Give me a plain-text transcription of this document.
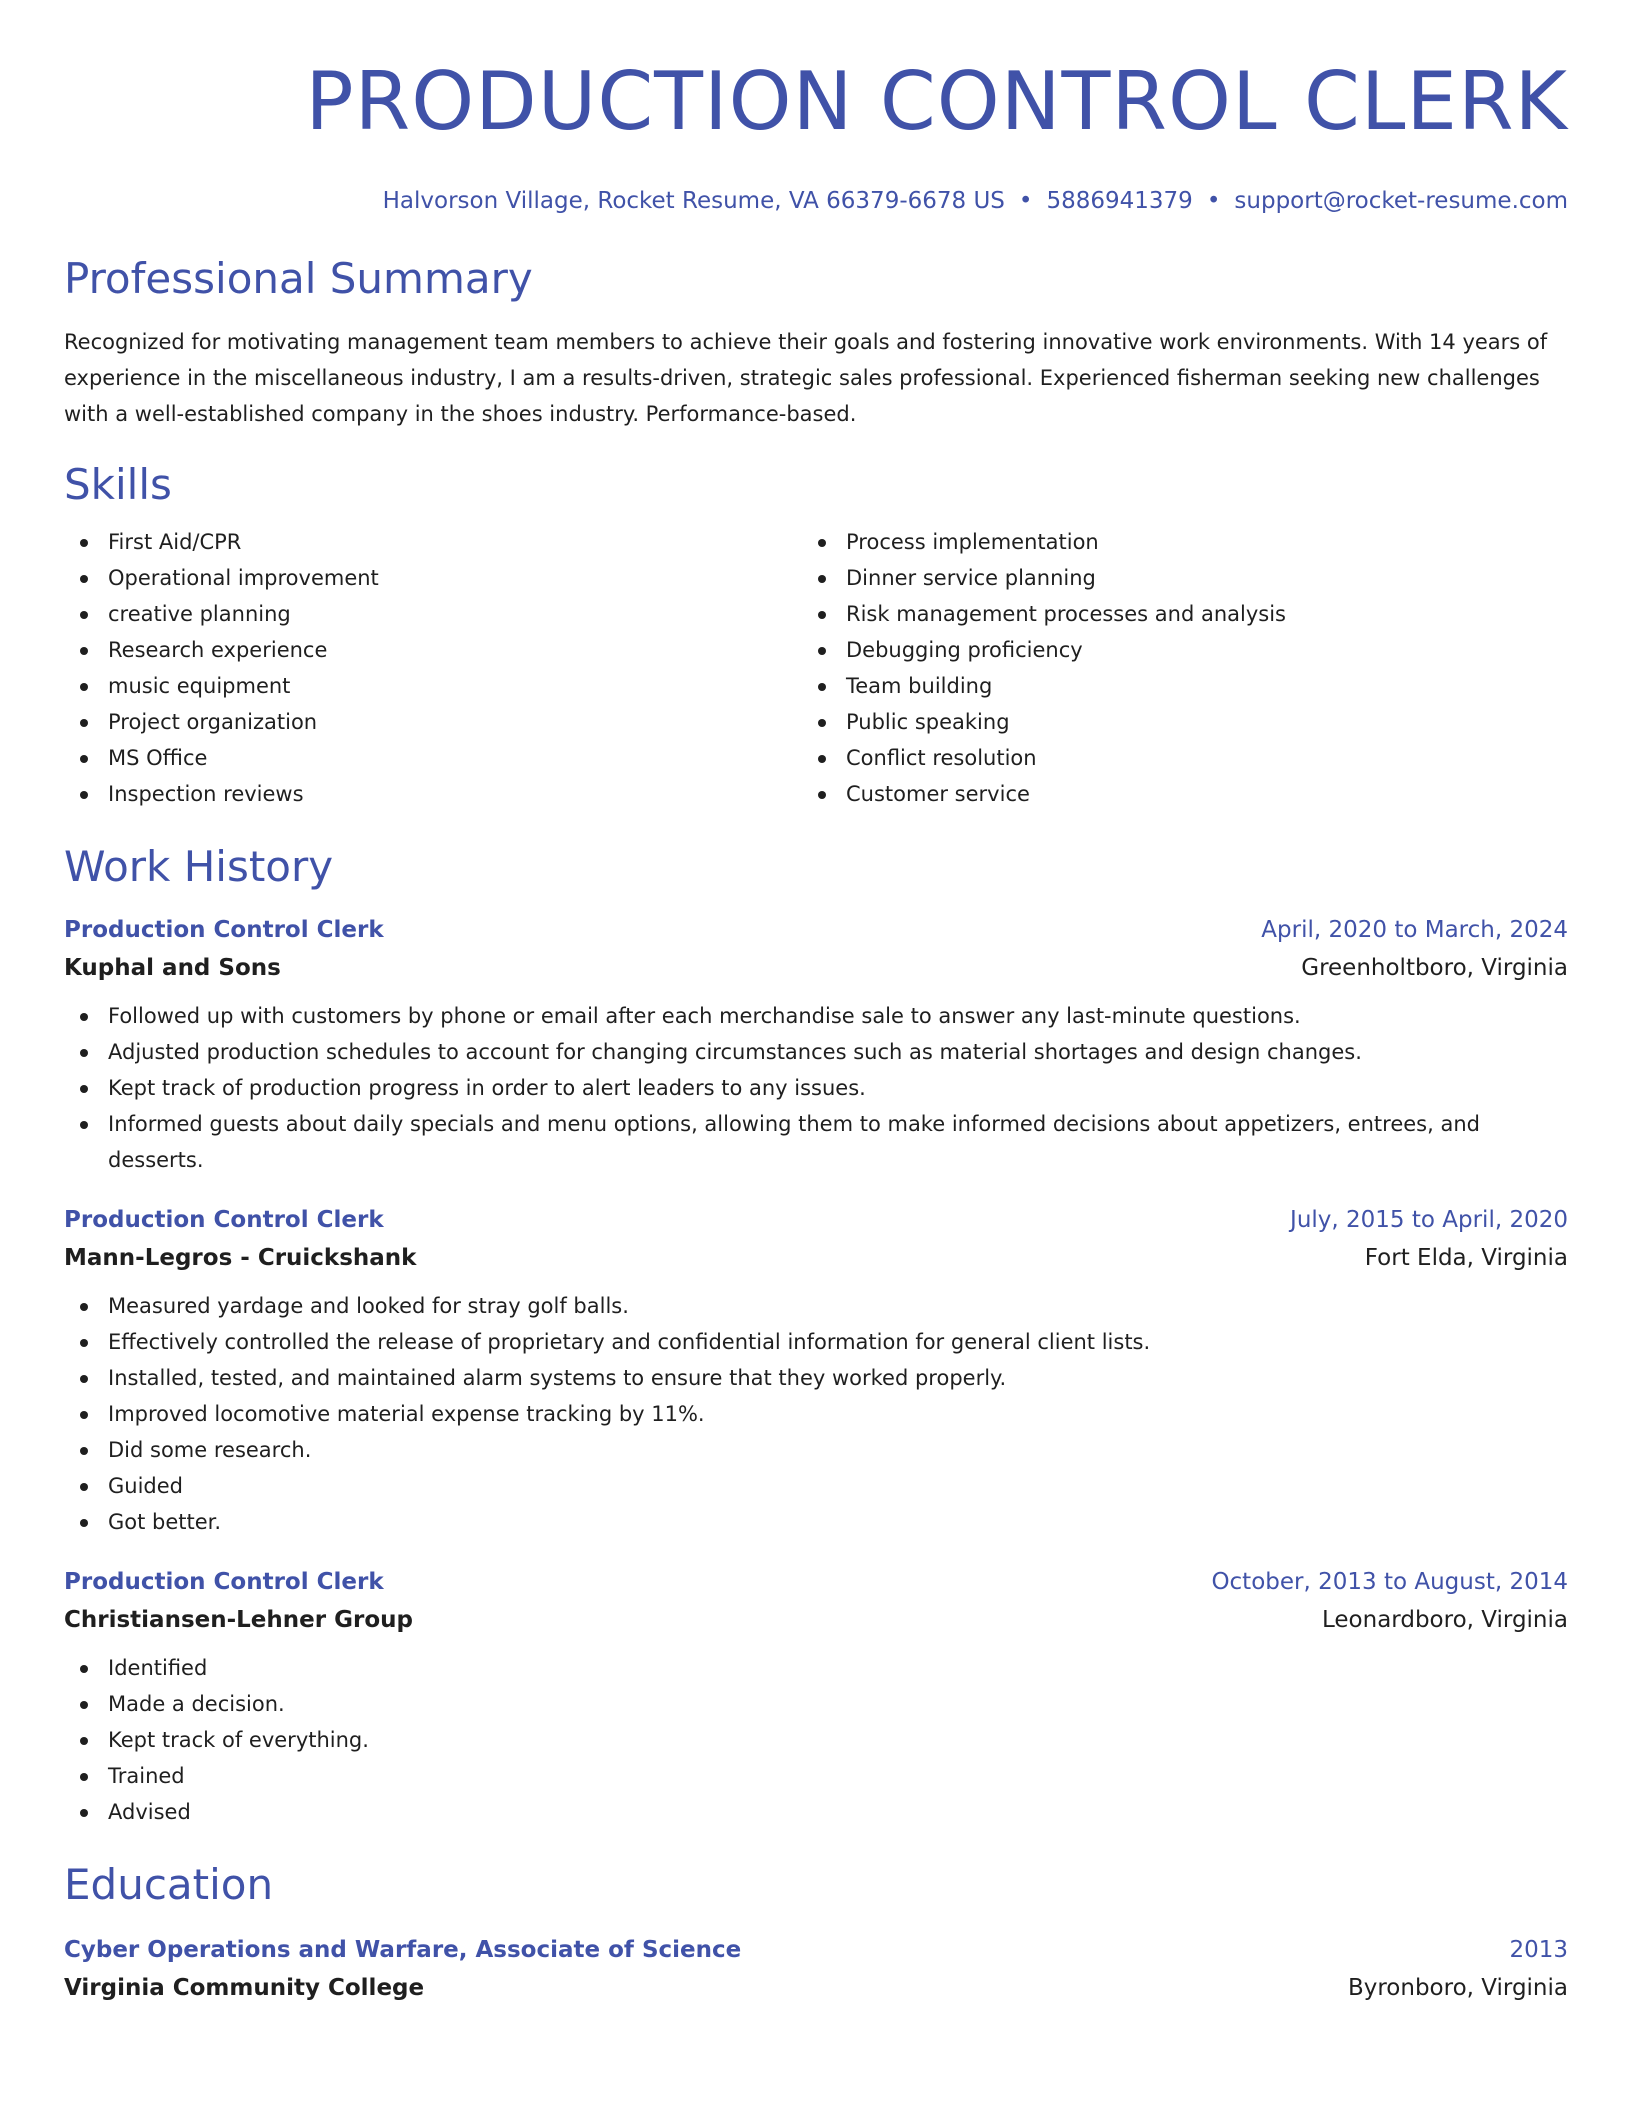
PRODUCTION CONTROL CLERK
Halvorson Village, Rocket Resume, VA 66379-6678 US • 5886941379 • support@rocket-resume.com
Professional Summary
Recognized for motivating management team members to achieve their goals and fostering innovative work environments. With 14 years of experience in the miscellaneous industry, I am a results-driven, strategic sales professional. Experienced fisherman seeking new challenges with a well-established company in the shoes industry. Performance-based.
Skills
First Aid/CPR
Operational improvement
creative planning
Research experience
music equipment
Project organization
MS Office
Inspection reviews
Process implementation
Dinner service planning
Risk management processes and analysis
Debugging proficiency
Team building
Public speaking
Conflict resolution
Customer service
Work History
Production Control Clerk	April, 2020 to March, 2024
Kuphal and Sons	Greenholtboro, Virginia
Followed up with customers by phone or email after each merchandise sale to answer any last-minute questions.
Adjusted production schedules to account for changing circumstances such as material shortages and design changes.
Kept track of production progress in order to alert leaders to any issues.
Informed guests about daily specials and menu options, allowing them to make informed decisions about appetizers, entrees, and desserts.
Production Control Clerk	July, 2015 to April, 2020
Mann-Legros - Cruickshank	Fort Elda, Virginia
Measured yardage and looked for stray golf balls.
Effectively controlled the release of proprietary and confidential information for general client lists.
Installed, tested, and maintained alarm systems to ensure that they worked properly.
Improved locomotive material expense tracking by 11%.
Did some research.
Guided
Got better.
Production Control Clerk	October, 2013 to August, 2014
Christiansen-Lehner Group	Leonardboro, Virginia
Identified
Made a decision.
Kept track of everything.
Trained
Advised
Education
Cyber Operations and Warfare, Associate of Science	2013
Virginia Community College	Byronboro, Virginia
